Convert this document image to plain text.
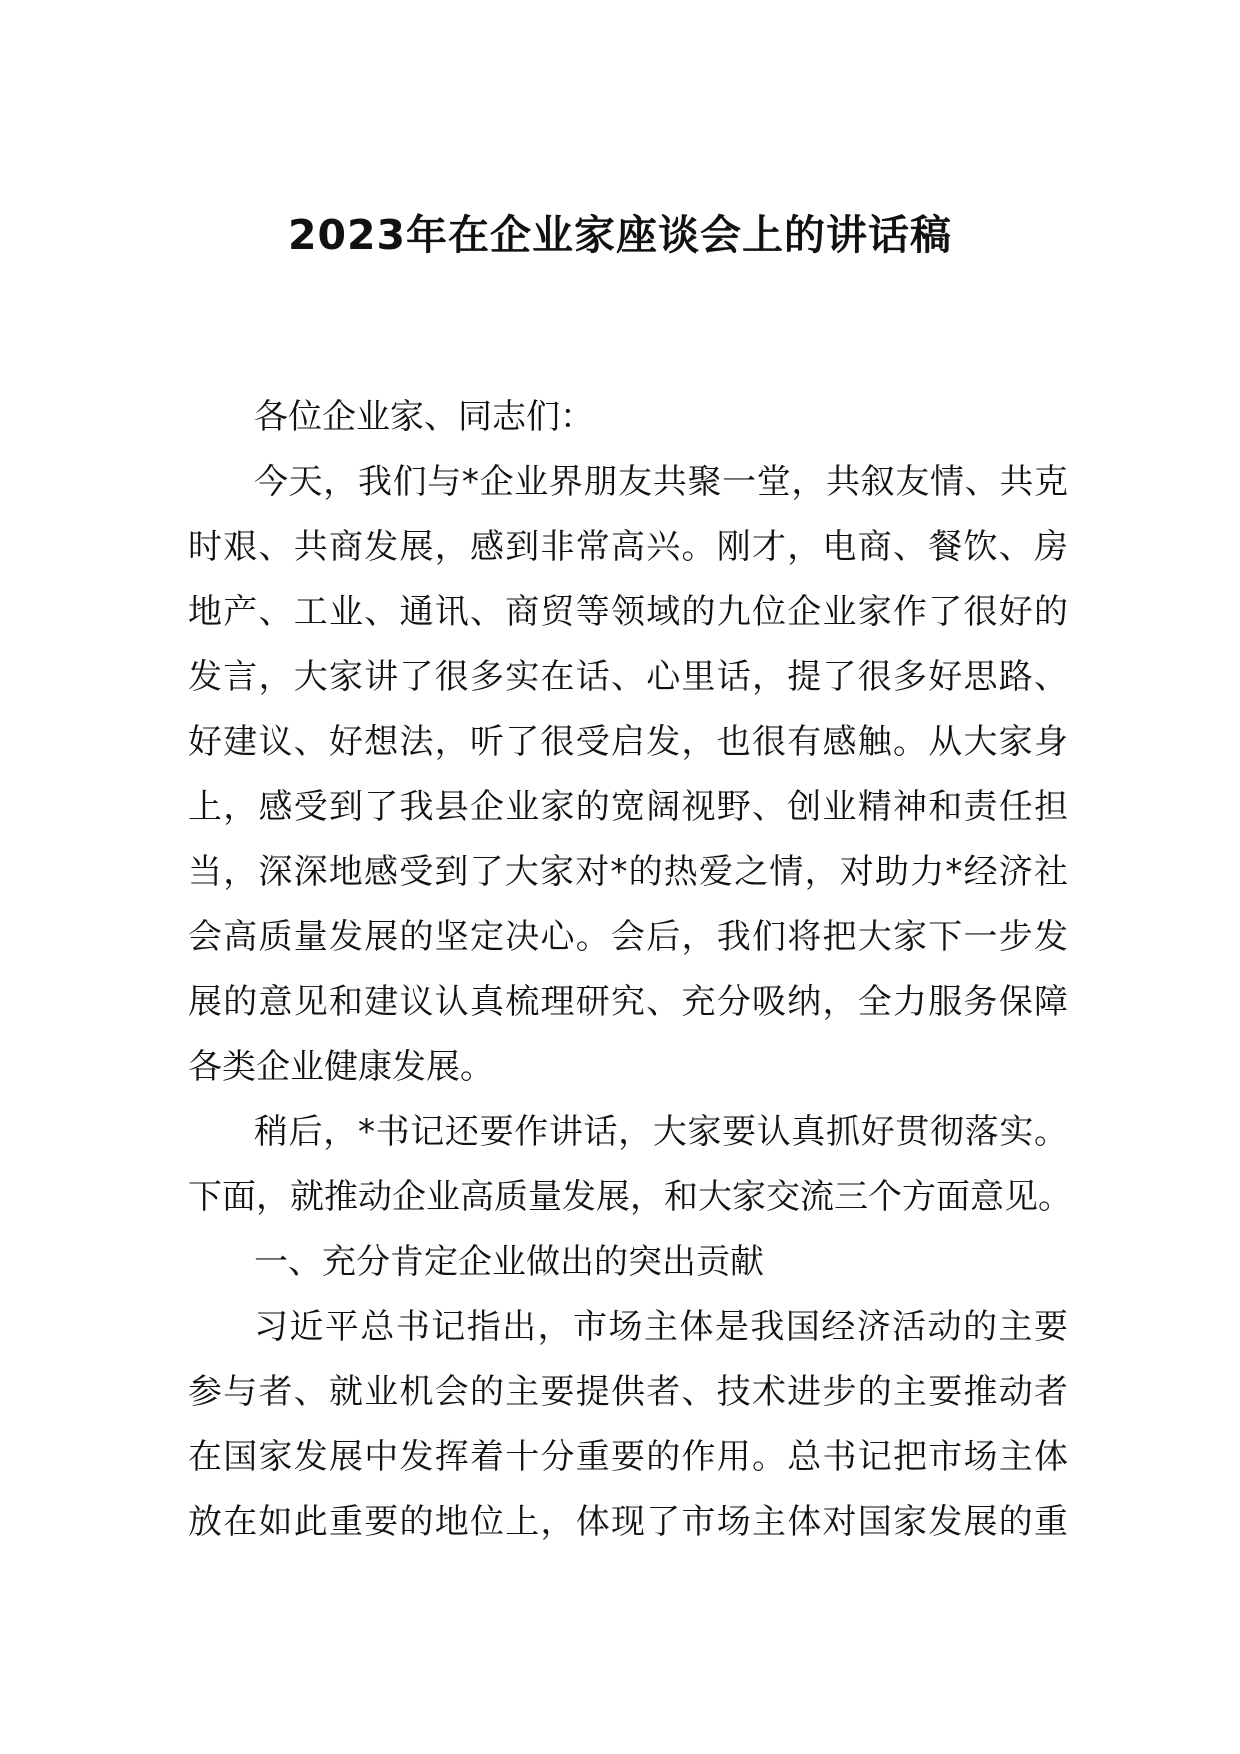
2023年在企业家座谈会上的讲话稿
各位企业家、同志们：
今天，我们与*企业界朋友共聚一堂，共叙友情、共克
时艰、共商发展，感到非常高兴。刚才，电商、餐饮、房
地产、工业、通讯、商贸等领域的九位企业家作了很好的
发言，大家讲了很多实在话、心里话，提了很多好思路、
好建议、好想法，听了很受启发，也很有感触。从大家身
上，感受到了我县企业家的宽阔视野、创业精神和责任担
当，深深地感受到了大家对*的热爱之情，对助力*经济社
会高质量发展的坚定决心。会后，我们将把大家下一步发
展的意见和建议认真梳理研究、充分吸纳，全力服务保障
各类企业健康发展。
稍后，*书记还要作讲话，大家要认真抓好贯彻落实。
下面，就推动企业高质量发展，和大家交流三个方面意见。
一、充分肯定企业做出的突出贡献
习近平总书记指出，市场主体是我国经济活动的主要
参与者、就业机会的主要提供者、技术进步的主要推动者
在国家发展中发挥着十分重要的作用。总书记把市场主体
放在如此重要的地位上，体现了市场主体对国家发展的重
